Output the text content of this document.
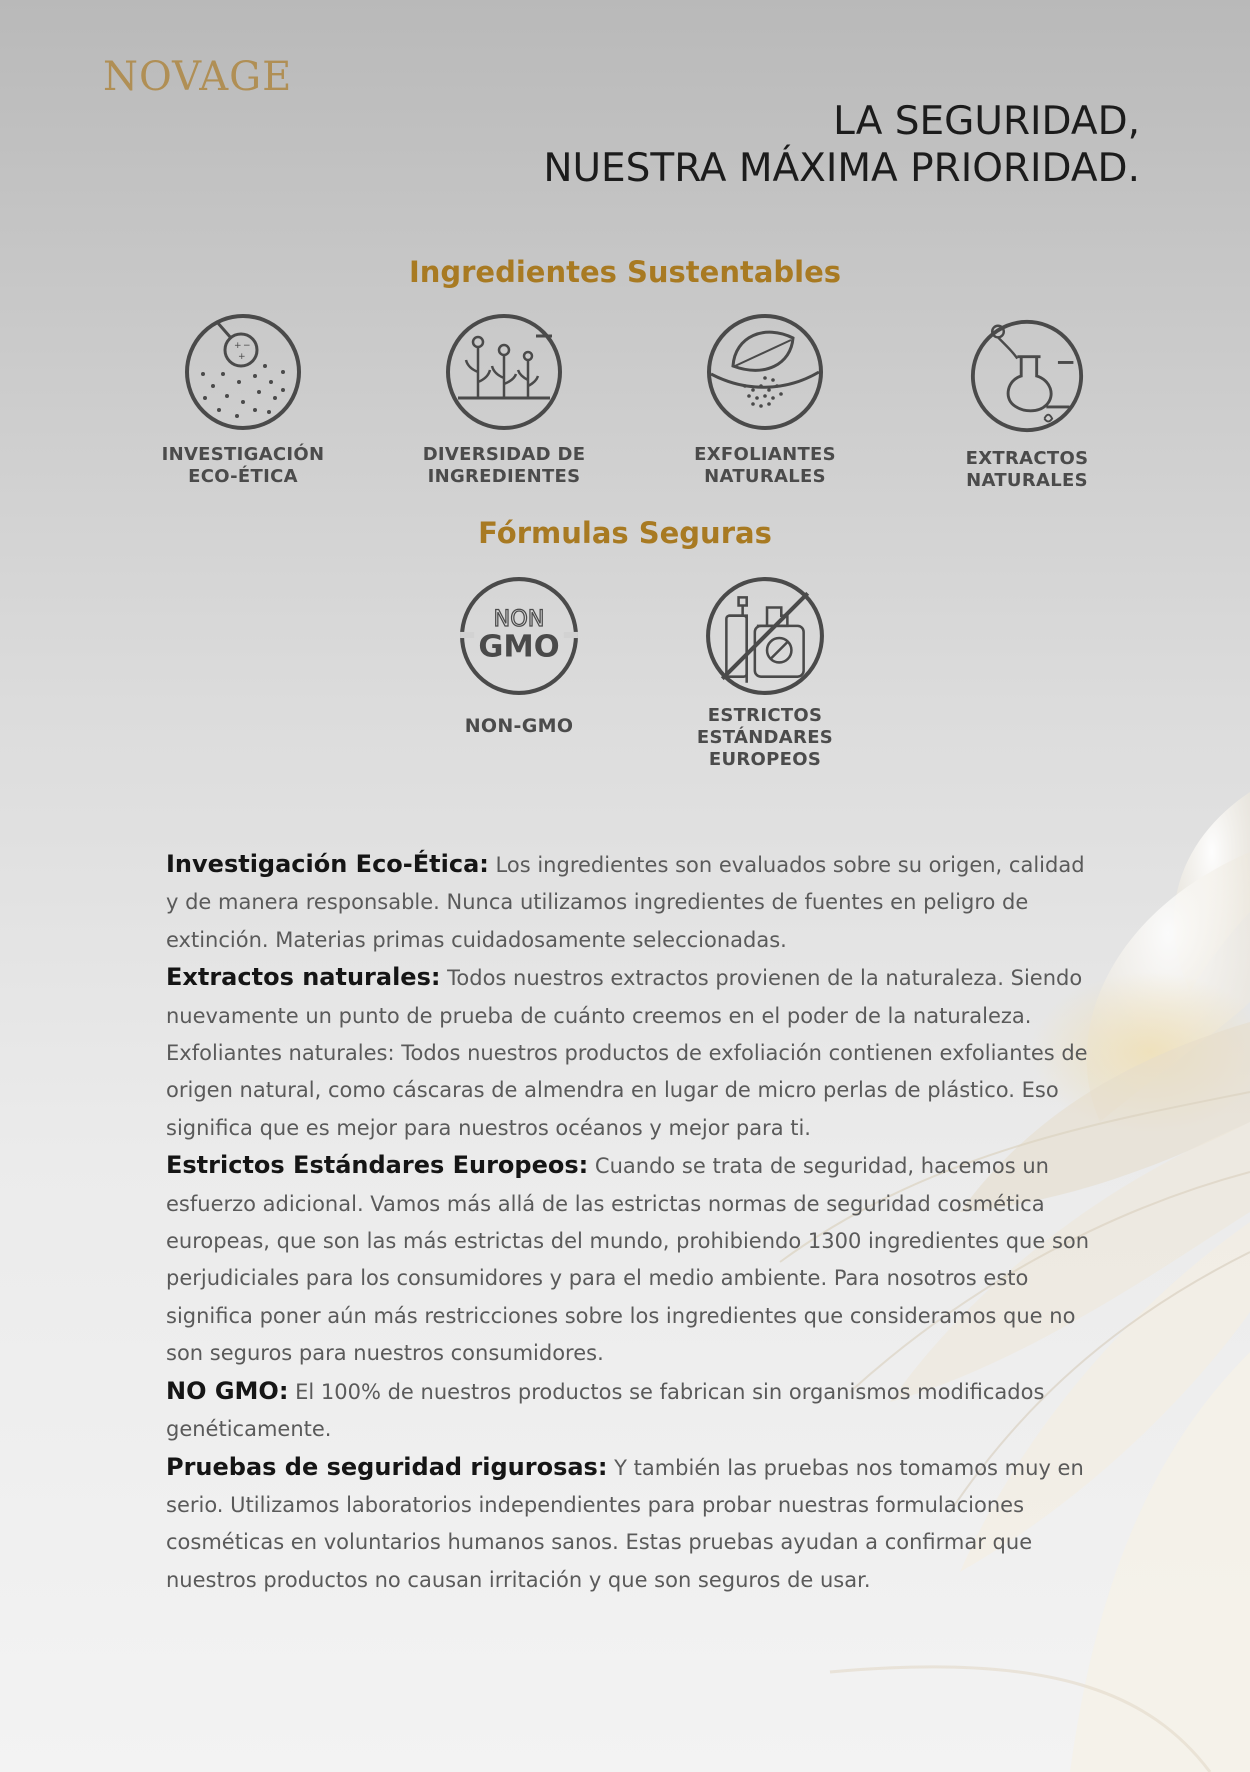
NOVAGE
LA SEGURIDAD,
NUESTRA MÁXIMA PRIORIDAD.
Ingredientes Sustentables
+ −
+
INVESTIGACIÓN
ECO-ÉTICA
DIVERSIDAD DE
INGREDIENTES
EXFOLIANTES
NATURALES
EXTRACTOS
NATURALES
Fórmulas Seguras
NON
GMO
NON-GMO	ESTRICTOS
ESTÁNDARES
EUROPEOS

Investigación Eco-Ética: Los ingredientes son evaluados sobre su origen, calidad y de manera responsable. Nunca utilizamos ingredientes de fuentes en peligro de extinción. Materias primas cuidadosamente seleccionadas.

Extractos naturales: Todos nuestros extractos provienen de la naturaleza. Siendo nuevamente un punto de prueba de cuánto creemos en el poder de la naturaleza. Exfoliantes naturales: Todos nuestros productos de exfoliación contienen exfoliantes de origen natural, como cáscaras de almendra en lugar de micro perlas de plástico. Eso significa que es mejor para nuestros océanos y mejor para ti.

Estrictos Estándares Europeos: Cuando se trata de seguridad, hacemos un esfuerzo adicional. Vamos más allá de las estrictas normas de seguridad cosmética europeas, que son las más estrictas del mundo, prohibiendo 1300 ingredientes que son perjudiciales para los consumidores y para el medio ambiente. Para nosotros esto significa poner aún más restricciones sobre los ingredientes que consideramos que no son seguros para nuestros consumidores.

NO GMO: El 100% de nuestros productos se fabrican sin organismos modificados genéticamente.

Pruebas de seguridad rigurosas: Y también las pruebas nos tomamos muy en serio. Utilizamos laboratorios independientes para probar nuestras formulaciones cosméticas en voluntarios humanos sanos. Estas pruebas ayudan a confirmar que nuestros productos no causan irritación y que son seguros de usar.
